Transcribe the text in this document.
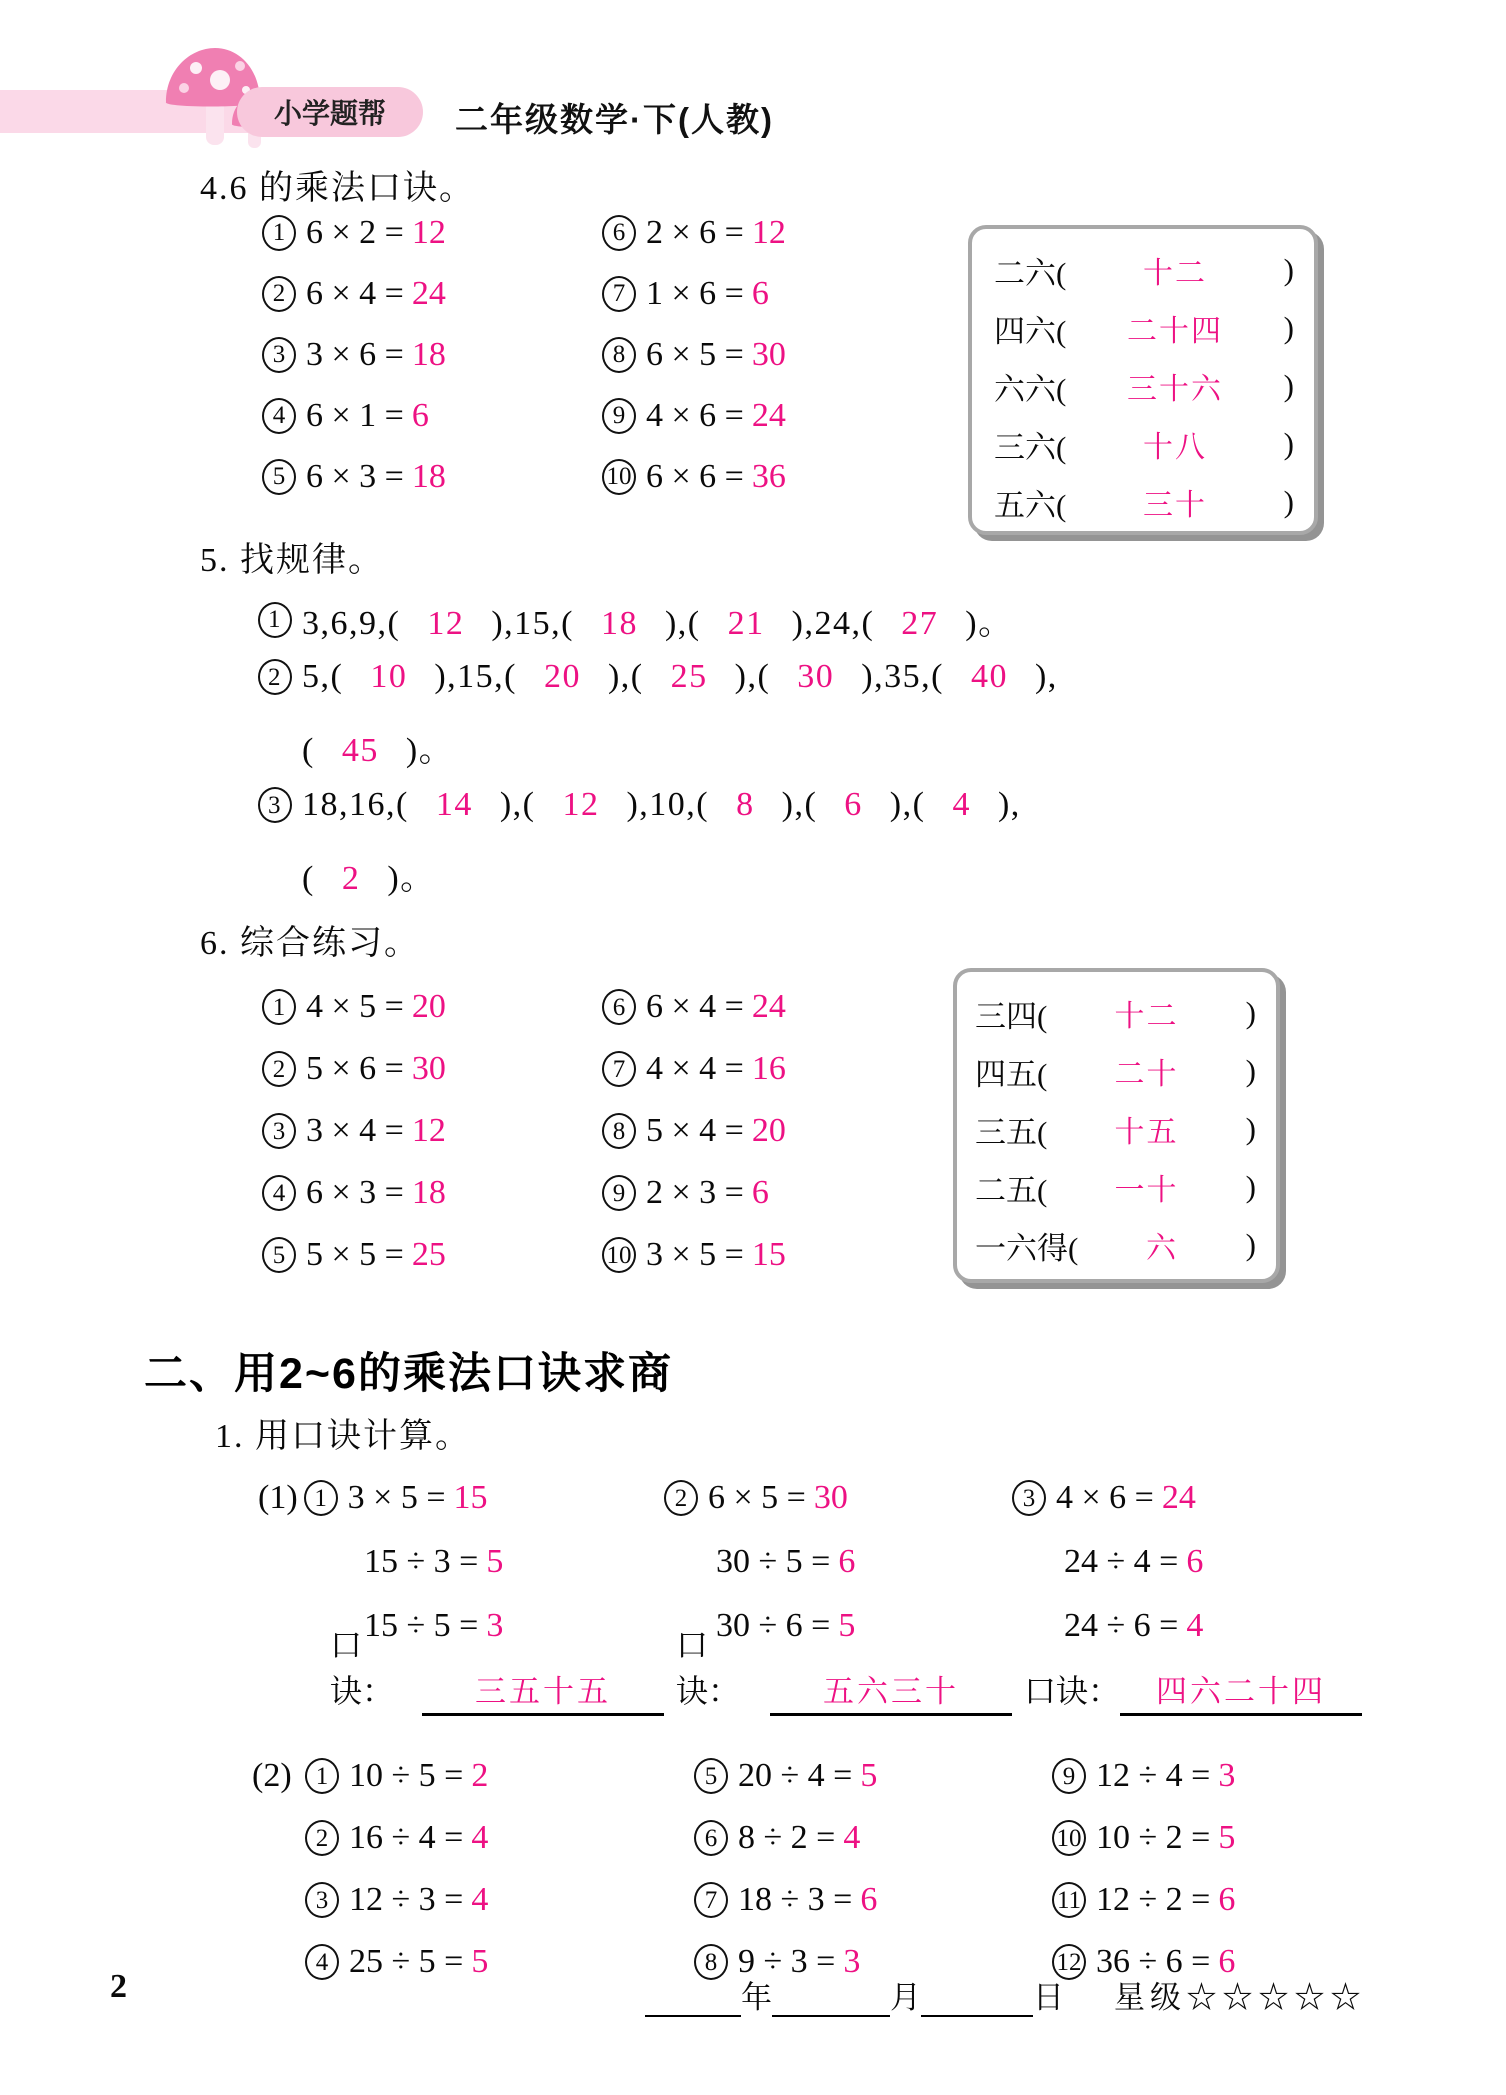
小学题帮 二年级数学·下(人教)
4.6 的乘法口诀。
1 6 × 2 = 12
2 6 × 4 = 24
3 3 × 6 = 18
4 6 × 1 = 6
5 6 × 3 = 18
6 2 × 6 = 12
7 1 × 6 = 6
8 6 × 5 = 30
9 4 × 6 = 24
10 6 × 6 = 36
二六(	十二	)
四六(	二十四	)
六六(	三十六	)
三六(	十八	)
五六(	三十	)
5. 找规律。
1 3,6,9,( 12 ),15,( 18 ),( 21 ),24,( 27 )。
2 5,( 10 ),15,( 20 ),( 25 ),( 30 ),35,( 40 ),
( 45 )。
3 18,16,( 14 ),( 12 ),10,( 8 ),( 6 ),( 4 ),
( 2 )。
6. 综合练习。
1 4 × 5 = 20
2 5 × 6 = 30
3 3 × 4 = 12
4 6 × 3 = 18
5 5 × 5 = 25
6 6 × 4 = 24
7 4 × 4 = 16
8 5 × 4 = 20
9 2 × 3 = 6
10 3 × 5 = 15
三四(	十二	)
四五(	二十	)
三五(	十五	)
二五(	一十	)
一六得(	六	)
二、用2~6的乘法口诀求商
1. 用口诀计算。
(1) 1 3 × 5 = 15
15 ÷ 3 = 5
15 ÷ 5 = 3
口诀：	三五十五
2 6 × 5 = 30
30 ÷ 5 = 6
30 ÷ 6 = 5
口诀：	五六三十
3 4 × 6 = 24
24 ÷ 4 = 6
24 ÷ 6 = 4
口诀：	四六二十四
(2) 1 10 ÷ 5 = 2	5 20 ÷ 4 = 5	9 12 ÷ 4 = 3
2 16 ÷ 4 = 4	6 8 ÷ 2 = 4	10 10 ÷ 2 = 5
3 12 ÷ 3 = 4	7 18 ÷ 3 = 6	11 12 ÷ 2 = 6
4 25 ÷ 5 = 5	8 9 ÷ 3 = 3	12 36 ÷ 6 = 6
2	年	月	日 星级☆☆☆☆☆
